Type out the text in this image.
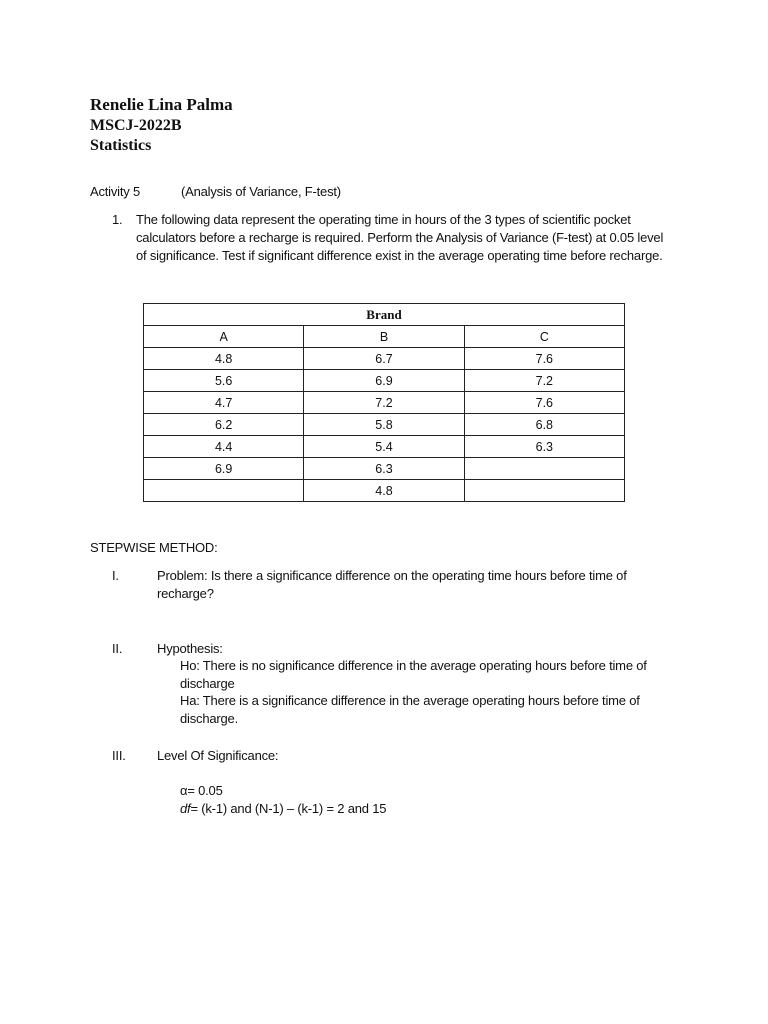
Renelie Lina Palma
MSCJ-2022B
Statistics
Activity 5	(Analysis of Variance, F-test)
1. The following data represent the operating time in hours of the 3 types of scientific pocket
calculators before a recharge is required. Perform the Analysis of Variance (F-test) at 0.05 level
of significance. Test if significant difference exist in the average operating time before recharge.
Brand		
A	B	C
4.8	6.7	7.6
5.6	6.9	7.2
4.7	7.2	7.6
6.2	5.8	6.8
4.4	5.4	6.3
6.9	6.3	
	4.8	
STEPWISE METHOD:
I.	Problem: Is there a significance difference on the operating time hours before time of
recharge?
II.	Hypothesis:
Ho: There is no significance difference in the average operating hours before time of
discharge
Ha: There is a significance difference in the average operating hours before time of
discharge.
III. Level Of Significance:
α= 0.05
df= (k-1) and (N-1) – (k-1) = 2 and 15
